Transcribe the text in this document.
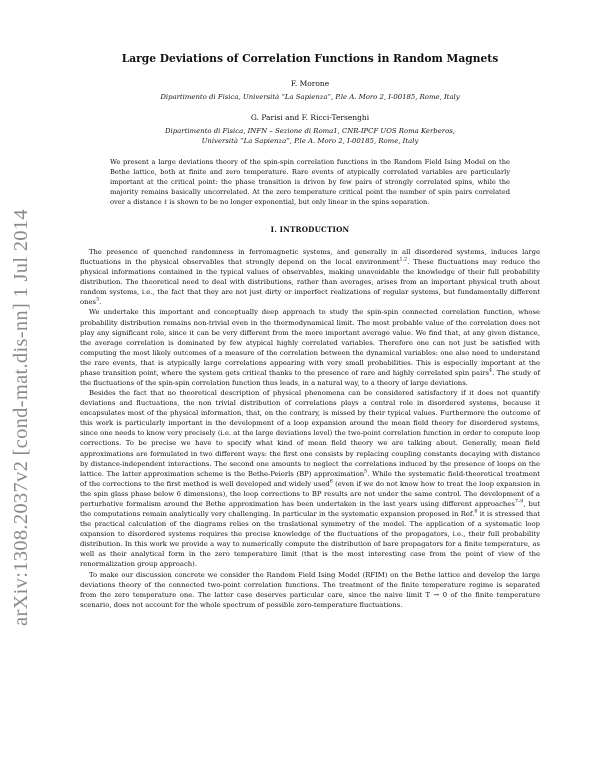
arXiv:1308.2037v2 [cond-mat.dis-nn] 1 Jul 2014
Large Deviations of Correlation Functions in Random Magnets

F. Morone

Dipartimento di Fisica, Università “La Sapienza”, P.le A. Moro 2, I-00185, Rome, Italy

G. Parisi and F. Ricci-Tersenghi

Dipartimento di Fisica, INFN – Sezione di Roma1, CNR-IPCF UOS Roma Kerberos,

Università “La Sapienza”, P.le A. Moro 2, I-00185, Rome, Italy

We present a large deviations theory of the spin-spin correlation functions in the Random Field Ising Model on the Bethe lattice, both at finite and zero temperature. Rare events of atypically correlated variables are particularly important at the critical point: the phase transition is driven by few pairs of strongly correlated spins, while the majority remains basically uncorrelated. At the zero temperature critical point the number of spin pairs correlated over a distance ℓ is shown to be no longer exponential, but only linear in the spins separation.

I. INTRODUCTION

The presence of quenched randomness in ferromagnetic systems, and generally in all disordered systems, induces large fluctuations in the physical observables that strongly depend on the local environment$^{1,2}$. These fluctuations may reduce the physical informations contained in the typical values of observables, making unavoidable the knowledge of their full probability distribution. The theoretical need to deal with distributions, rather than averages, arises from an important physical truth about random systems, i.e., the fact that they are not just dirty or imperfect realizations of regular systems, but fundamentally different ones$^3$.

We undertake this important and conceptually deep approach to study the spin-spin connected correlation function, whose probability distribution remains non-trivial even in the thermodynamical limit. The most probable value of the correlation does not play any significant role, since it can be very different from the more important average value. We find that, at any given distance, the average correlation is dominated by few atypical highly correlated variables. Therefore one can not just be satisfied with computing the most likely outcomes of a measure of the correlation between the dynamical variables: one also need to understand the rare events, that is atypically large correlations appearing with very small probabilities. This is especially important at the phase transition point, where the system gets critical thanks to the presence of rare and highly correlated spin pairs$^4$. The study of the fluctuations of the spin-spin correlation function thus leads, in a natural way, to a theory of large deviations.

Besides the fact that no theoretical description of physical phenomena can be considered satisfactory if it does not quantify deviations and fluctuations, the non trivial distribution of correlations plays a central role in disordered systems, because it encapsulates most of the physical information, that, on the contrary, is missed by their typical values. Furthermore the outcome of this work is particularly important in the development of a loop expansion around the mean field theory for disordered systems, since one needs to know very precisely (i.e. at the large deviations level) the two-point correlation function in order to compute loop corrections. To be precise we have to specify what kind of mean field theory we are talking about. Generally, mean field approximations are formulated in two different ways: the first one consists by replacing coupling constants decaying with distance by distance-independent interactions. The second one amounts to neglect the correlations induced by the presence of loops on the lattice. The latter approximation scheme is the Bethe-Peierls (BP) approximation$^5$. While the systematic field-theoretical treatment of the corrections to the first method is well developed and widely used$^6$ (even if we do not know how to treat the loop expansion in the spin glass phase below 6 dimensions), the loop corrections to BP results are not under the same control. The development of a perturbative formalism around the Bethe approximation has been undertaken in the last years using different approaches$^{7-9}$, but the computations remain analytically very challenging. In particular in the systematic expansion proposed in Ref.$^8$ it is stressed that the practical calculation of the diagrams relies on the traslational symmetry of the model. The application of a systematic loop expansion to disordered systems requires the precise knowledge of the fluctuations of the propagators, i.e., their full probability distribution. In this work we provide a way to numerically compute the distribution of bare propagators for a finite temperature, as well as their analytical form in the zero temperature limit (that is the most interesting case from the point of view of the renormalization group approach).

To make our discussion concrete we consider the Random Field Ising Model (RFIM) on the Bethe lattice and develop the large deviations theory of the connected two-point correlation functions. The treatment of the finite temperature regime is separated from the zero temperature one. The latter case deserves particular care, since the naive limit T → 0 of the finite temperature scenario, does not account for the whole spectrum of possible zero-temperature fluctuations.
